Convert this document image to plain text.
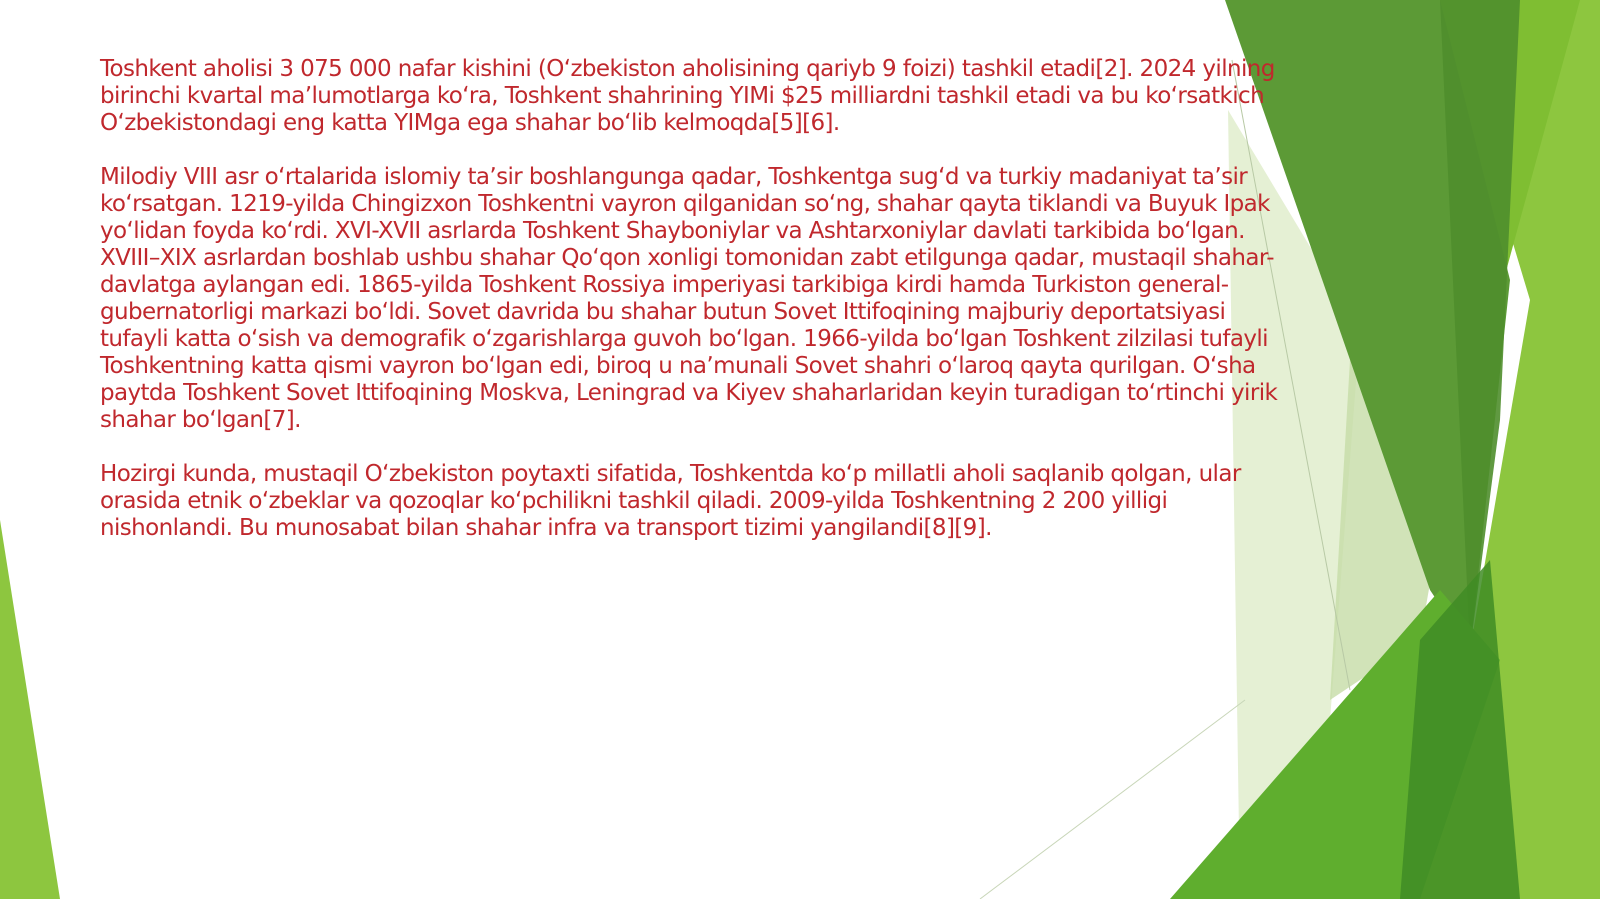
Toshkent aholisi 3 075 000 nafar kishini (Oʻzbekiston aholisining qariyb 9 foizi) tashkil etadi[2]. 2024 yilning birinchi kvartal maʼlumotlarga koʻra, Toshkent shahrining YIMi $25 milliardni tashkil etadi va bu koʻrsatkich Oʻzbekistondagi eng katta YIMga ega shahar boʻlib kelmoqda[5][6].

Milodiy VIII asr oʻrtalarida islomiy taʼsir boshlangunga qadar, Toshkentga sugʻd va turkiy madaniyat taʼsir koʻrsatgan. 1219-yilda Chingizxon Toshkentni vayron qilganidan soʻng, shahar qayta tiklandi va Buyuk Ipak yoʻlidan foyda koʻrdi. XVI-XVII asrlarda Toshkent Shayboniylar va Ashtarxoniylar davlati tarkibida boʻlgan. XVIII–XIX asrlardan boshlab ushbu shahar Qoʻqon xonligi tomonidan zabt etilgunga qadar, mustaqil shahar-davlatga aylangan edi. 1865-yilda Toshkent Rossiya imperiyasi tarkibiga kirdi hamda Turkiston general-gubernatorligi markazi boʻldi. Sovet davrida bu shahar butun Sovet Ittifoqining majburiy deportatsiyasi tufayli katta oʻsish va demografik oʻzgarishlarga guvoh boʻlgan. 1966-yilda boʻlgan Toshkent zilzilasi tufayli Toshkentning katta qismi vayron boʻlgan edi, biroq u naʼmunali Sovet shahri oʻlaroq qayta qurilgan. Oʻsha paytda Toshkent Sovet Ittifoqining Moskva, Leningrad va Kiyev shaharlaridan keyin turadigan toʻrtinchi yirik shahar boʻlgan[7].

Hozirgi kunda, mustaqil Oʻzbekiston poytaxti sifatida, Toshkentda koʻp millatli aholi saqlanib qolgan, ular orasida etnik oʻzbeklar va qozoqlar koʻpchilikni tashkil qiladi. 2009-yilda Toshkentning 2 200 yilligi nishonlandi. Bu munosabat bilan shahar infra va transport tizimi yangilandi[8][9].
